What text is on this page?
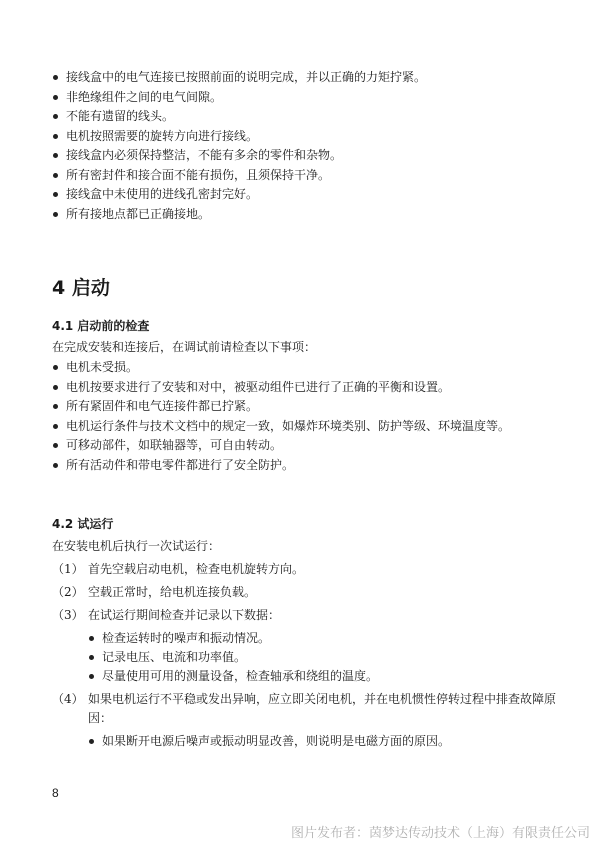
接线盒中的电气连接已按照前面的说明完成，并以正确的力矩拧紧。
非绝缘组件之间的电气间隙。
不能有遗留的线头。
电机按照需要的旋转方向进行接线。
接线盒内必须保持整洁，不能有多余的零件和杂物。
所有密封件和接合面不能有损伤，且须保持干净。
接线盒中未使用的进线孔密封完好。
所有接地点都已正确接地。
4 启动
4.1 启动前的检查
在完成安装和连接后，在调试前请检查以下事项：
电机未受损。
电机按要求进行了安装和对中，被驱动组件已进行了正确的平衡和设置。
所有紧固件和电气连接件都已拧紧。
电机运行条件与技术文档中的规定一致，如爆炸环境类别、防护等级、环境温度等。
可移动部件，如联轴器等，可自由转动。
所有活动件和带电零件都进行了安全防护。
4.2 试运行
在安装电机后执行一次试运行：
（1） 首先空载启动电机，检查电机旋转方向。
（2） 空载正常时，给电机连接负载。
（3） 在试运行期间检查并记录以下数据：
检查运转时的噪声和振动情况。
记录电压、电流和功率值。
尽量使用可用的测量设备，检查轴承和绕组的温度。
（4） 如果电机运行不平稳或发出异响，应立即关闭电机，并在电机惯性停转过程中排查故障原因：
如果断开电源后噪声或振动明显改善，则说明是电磁方面的原因。
8
图片发布者：茵梦达传动技术（上海）有限责任公司
